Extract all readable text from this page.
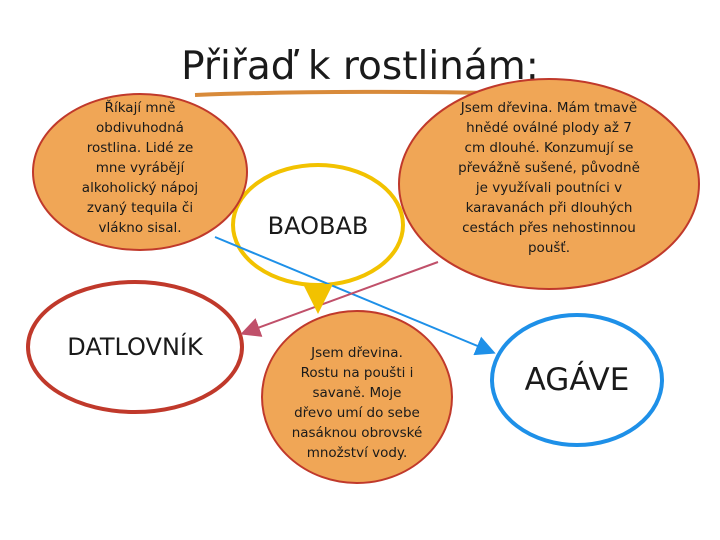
Přiřaď k rostlinám:
Říkají mně
obdivuhodná
rostlina. Lidé ze
mne vyrábějí
alkoholický nápoj
zvaný tequila či
vlákno sisal.	BAOBAB
Jsem dřevina. Mám tmavě
hnědé oválné plody až 7
cm dlouhé. Konzumují se
převážně sušené, původně
je využívali poutníci v
karavanách při dlouhých
cestách přes nehostinnou
poušť.
DATLOVNÍK	Jsem dřevina.
Rostu na poušti i
savaně. Moje
dřevo umí do sebe
nasáknou obrovské
množství vody.
AGÁVE
